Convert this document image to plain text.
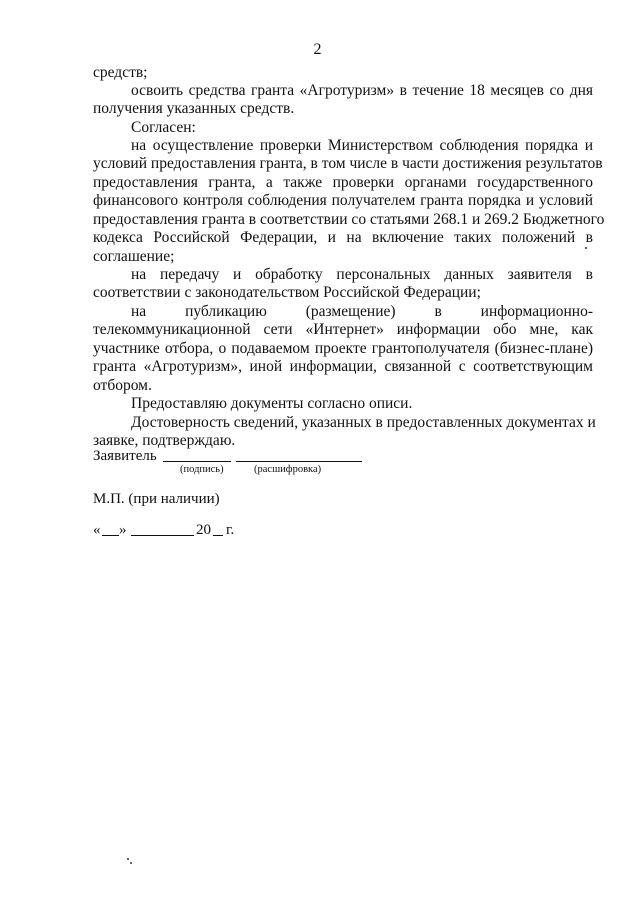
2
средств;
освоить средства гранта «Агротуризм» в течение 18 месяцев со дня
получения указанных средств.
Согласен:
на осуществление проверки Министерством соблюдения порядка и
условий предоставления гранта, в том числе в части достижения результатов
предоставления гранта, а также проверки органами государственного
финансового контроля соблюдения получателем гранта порядка и условий
предоставления гранта в соответствии со статьями 268.1 и 269.2 Бюджетного
кодекса Российской Федерации, и на включение таких положений в
соглашение;
на передачу и обработку персональных данных заявителя в
соответствии с законодательством Российской Федерации;
на публикацию (размещение) в информационно-
телекоммуникационной сети «Интернет» информации обо мне, как
участнике отбора, о подаваемом проекте грантополучателя (бизнес-плане)
гранта «Агротуризм», иной информации, связанной с соответствующим
отбором.
Предоставляю документы согласно описи.
Достоверность сведений, указанных в предоставленных документах и
заявке, подтверждаю.
Заявитель
(подпись)	(расшифровка)
М.П. (при наличии)
« »	20 г.
